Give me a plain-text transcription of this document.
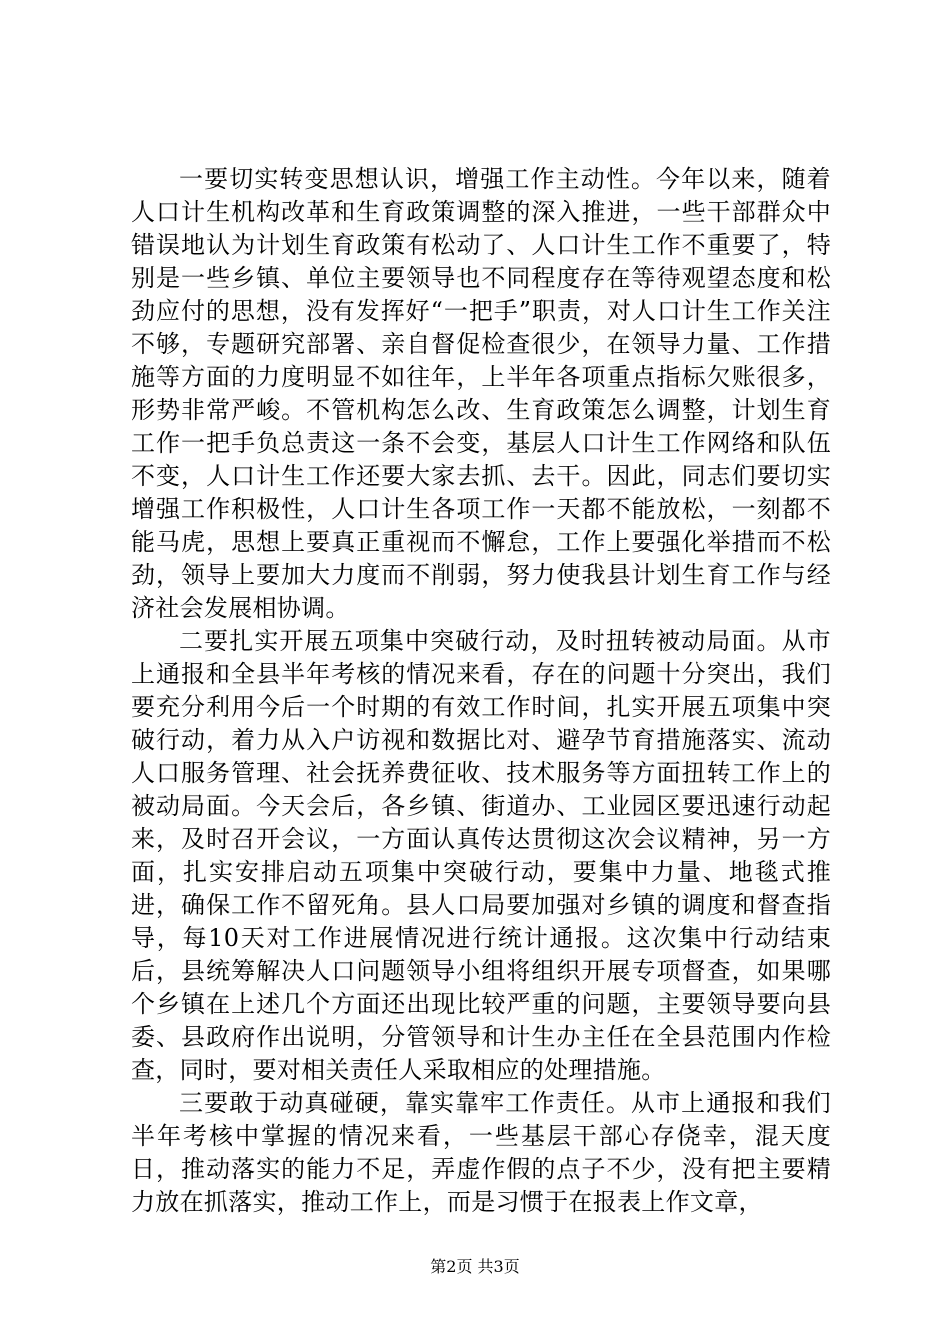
一要切实转变思想认识，增强工作主动性。今年以来，随着人口计生机构改革和生育政策调整的深入推进，一些干部群众中错误地认为计划生育政策有松动了、人口计生工作不重要了，特别是一些乡镇、单位主要领导也不同程度存在等待观望态度和松劲应付的思想，没有发挥好“一把手”职责，对人口计生工作关注不够，专题研究部署、亲自督促检查很少，在领导力量、工作措施等方面的力度明显不如往年，上半年各项重点指标欠账很多，形势非常严峻。不管机构怎么改、生育政策怎么调整，计划生育工作一把手负总责这一条不会变，基层人口计生工作网络和队伍不变，人口计生工作还要大家去抓、去干。因此，同志们要切实增强工作积极性，人口计生各项工作一天都不能放松，一刻都不能马虎，思想上要真正重视而不懈怠，工作上要强化举措而不松劲，领导上要加大力度而不削弱，努力使我县计划生育工作与经济社会发展相协调。

二要扎实开展五项集中突破行动，及时扭转被动局面。从市上通报和全县半年考核的情况来看，存在的问题十分突出，我们要充分利用今后一个时期的有效工作时间，扎实开展五项集中突破行动，着力从入户访视和数据比对、避孕节育措施落实、流动人口服务管理、社会抚养费征收、技术服务等方面扭转工作上的被动局面。今天会后，各乡镇、街道办、工业园区要迅速行动起来，及时召开会议，一方面认真传达贯彻这次会议精神，另一方面，扎实安排启动五项集中突破行动，要集中力量、地毯式推进，确保工作不留死角。县人口局要加强对乡镇的调度和督查指导，每10天对工作进展情况进行统计通报。这次集中行动结束后，县统筹解决人口问题领导小组将组织开展专项督查，如果哪个乡镇在上述几个方面还出现比较严重的问题，主要领导要向县委、县政府作出说明，分管领导和计生办主任在全县范围内作检查，同时，要对相关责任人采取相应的处理措施。

三要敢于动真碰硬，靠实靠牢工作责任。从市上通报和我们半年考核中掌握的情况来看，一些基层干部心存侥幸，混天度日，推动落实的能力不足，弄虚作假的点子不少，没有把主要精力放在抓落实，推动工作上，而是习惯于在报表上作文章，

第2页 共3页
